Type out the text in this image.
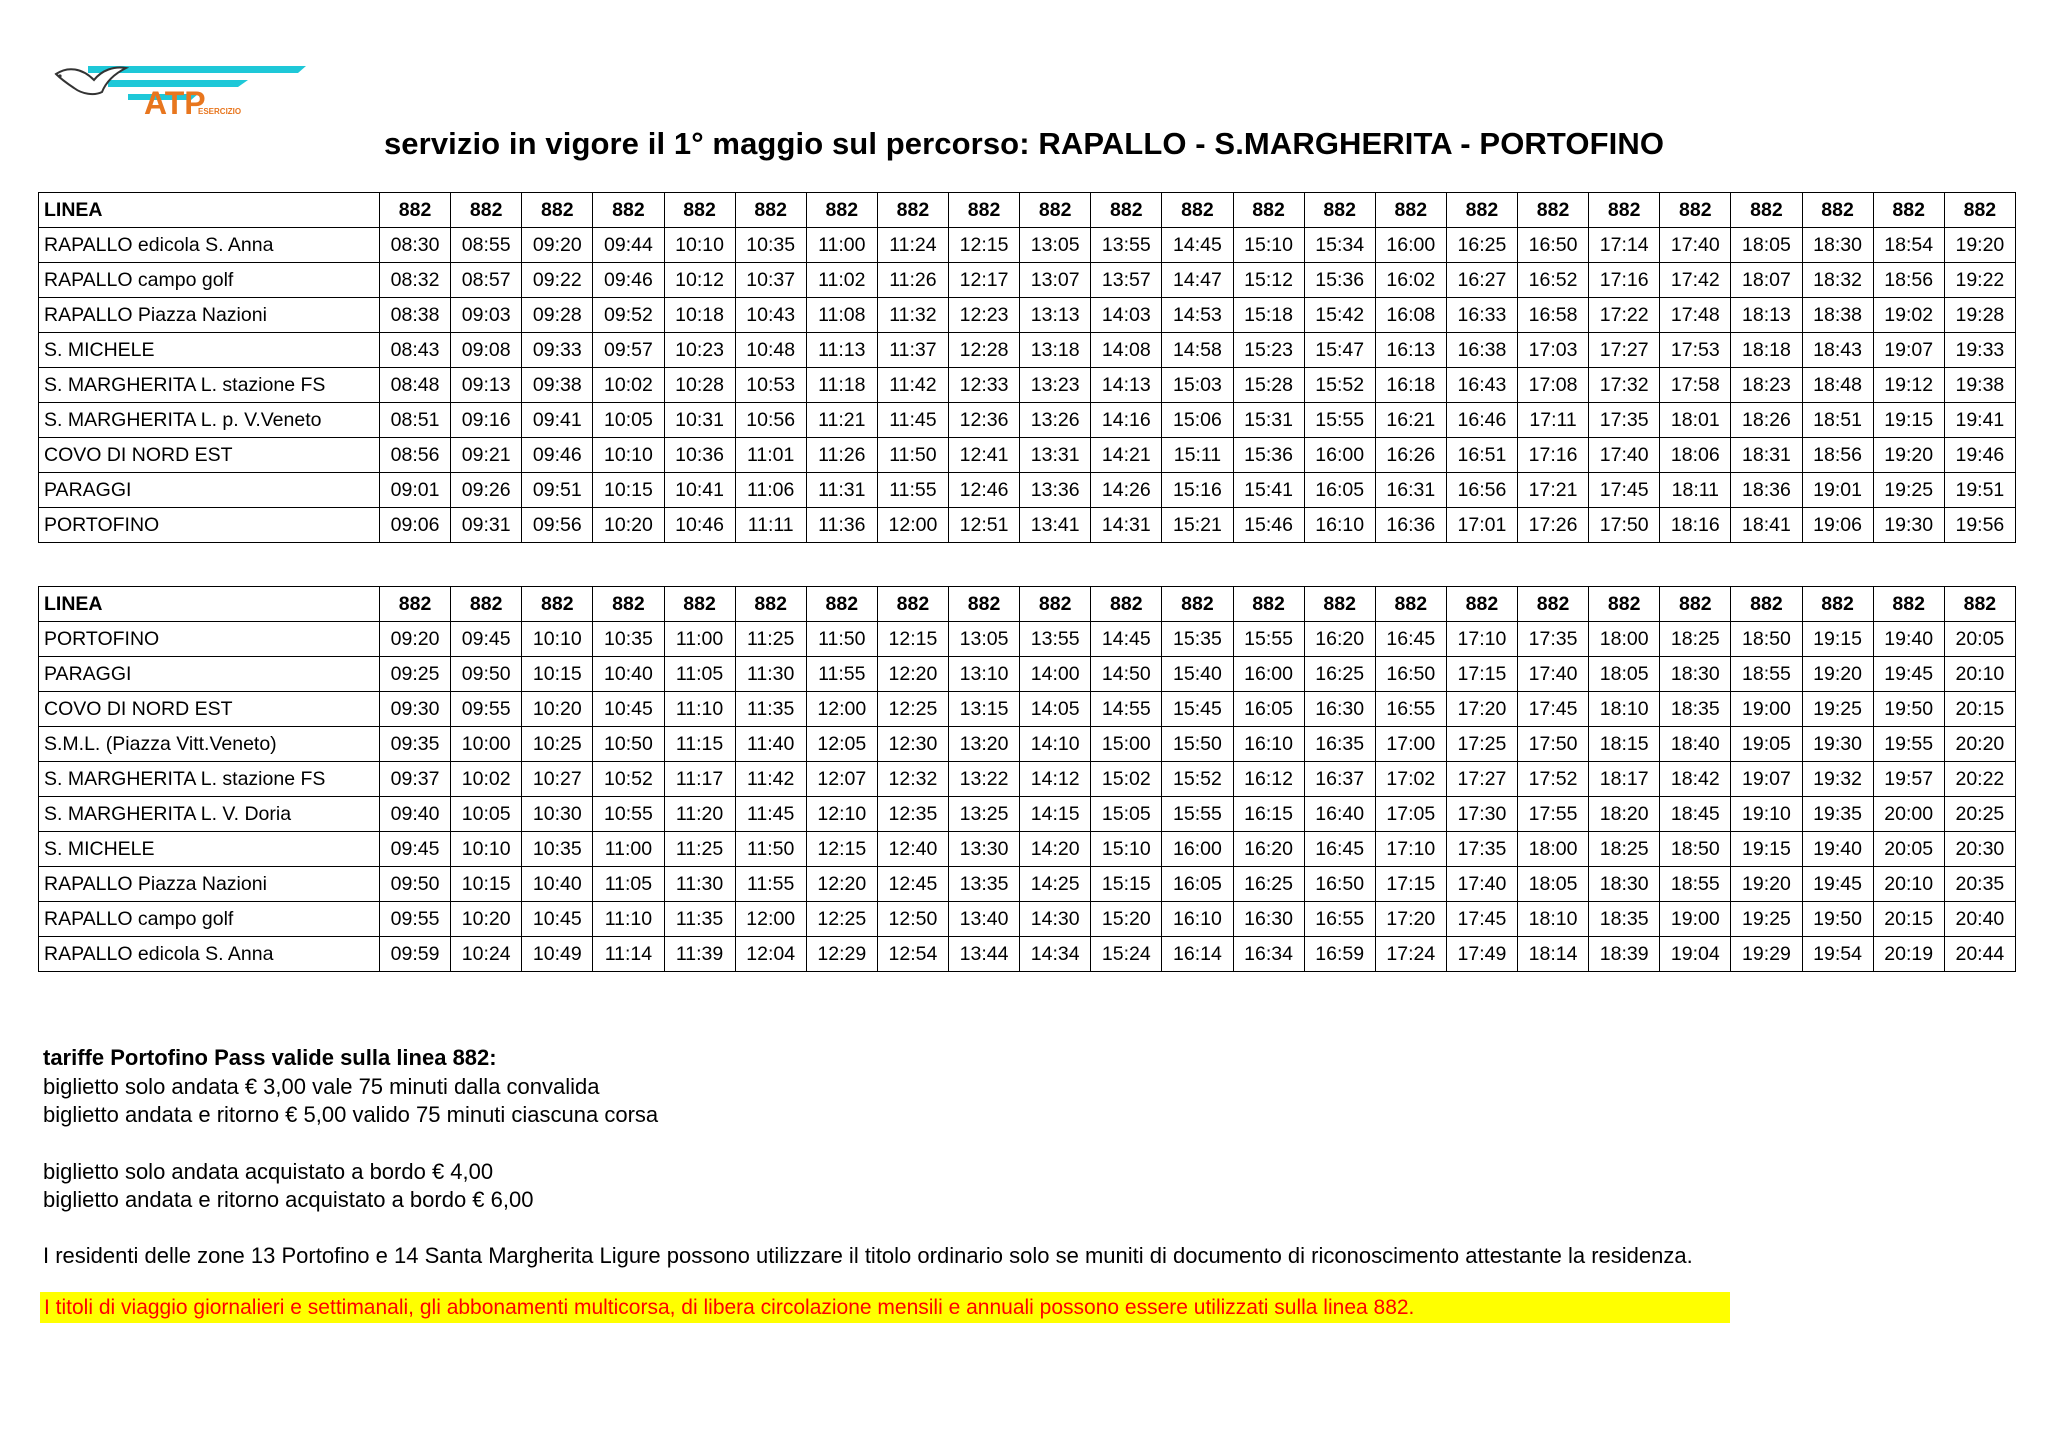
ATP
ESERCIZIO
servizio in vigore il 1° maggio sul percorso: RAPALLO - S.MARGHERITA - PORTOFINO
LINEA	882	882	882	882	882	882	882	882	882	882	882	882	882	882	882	882	882	882	882	882	882	882	882
RAPALLO edicola S. Anna	08:30	08:55	09:20	09:44	10:10	10:35	11:00	11:24	12:15	13:05	13:55	14:45	15:10	15:34	16:00	16:25	16:50	17:14	17:40	18:05	18:30	18:54	19:20
RAPALLO campo golf	08:32	08:57	09:22	09:46	10:12	10:37	11:02	11:26	12:17	13:07	13:57	14:47	15:12	15:36	16:02	16:27	16:52	17:16	17:42	18:07	18:32	18:56	19:22
RAPALLO Piazza Nazioni	08:38	09:03	09:28	09:52	10:18	10:43	11:08	11:32	12:23	13:13	14:03	14:53	15:18	15:42	16:08	16:33	16:58	17:22	17:48	18:13	18:38	19:02	19:28
S. MICHELE	08:43	09:08	09:33	09:57	10:23	10:48	11:13	11:37	12:28	13:18	14:08	14:58	15:23	15:47	16:13	16:38	17:03	17:27	17:53	18:18	18:43	19:07	19:33
S. MARGHERITA L. stazione FS	08:48	09:13	09:38	10:02	10:28	10:53	11:18	11:42	12:33	13:23	14:13	15:03	15:28	15:52	16:18	16:43	17:08	17:32	17:58	18:23	18:48	19:12	19:38
S. MARGHERITA L. p. V.Veneto	08:51	09:16	09:41	10:05	10:31	10:56	11:21	11:45	12:36	13:26	14:16	15:06	15:31	15:55	16:21	16:46	17:11	17:35	18:01	18:26	18:51	19:15	19:41
COVO DI NORD EST	08:56	09:21	09:46	10:10	10:36	11:01	11:26	11:50	12:41	13:31	14:21	15:11	15:36	16:00	16:26	16:51	17:16	17:40	18:06	18:31	18:56	19:20	19:46
PARAGGI	09:01	09:26	09:51	10:15	10:41	11:06	11:31	11:55	12:46	13:36	14:26	15:16	15:41	16:05	16:31	16:56	17:21	17:45	18:11	18:36	19:01	19:25	19:51
PORTOFINO	09:06	09:31	09:56	10:20	10:46	11:11	11:36	12:00	12:51	13:41	14:31	15:21	15:46	16:10	16:36	17:01	17:26	17:50	18:16	18:41	19:06	19:30	19:56
LINEA	882	882	882	882	882	882	882	882	882	882	882	882	882	882	882	882	882	882	882	882	882	882	882
PORTOFINO	09:20	09:45	10:10	10:35	11:00	11:25	11:50	12:15	13:05	13:55	14:45	15:35	15:55	16:20	16:45	17:10	17:35	18:00	18:25	18:50	19:15	19:40	20:05
PARAGGI	09:25	09:50	10:15	10:40	11:05	11:30	11:55	12:20	13:10	14:00	14:50	15:40	16:00	16:25	16:50	17:15	17:40	18:05	18:30	18:55	19:20	19:45	20:10
COVO DI NORD EST	09:30	09:55	10:20	10:45	11:10	11:35	12:00	12:25	13:15	14:05	14:55	15:45	16:05	16:30	16:55	17:20	17:45	18:10	18:35	19:00	19:25	19:50	20:15
S.M.L. (Piazza Vitt.Veneto)	09:35	10:00	10:25	10:50	11:15	11:40	12:05	12:30	13:20	14:10	15:00	15:50	16:10	16:35	17:00	17:25	17:50	18:15	18:40	19:05	19:30	19:55	20:20
S. MARGHERITA L. stazione FS	09:37	10:02	10:27	10:52	11:17	11:42	12:07	12:32	13:22	14:12	15:02	15:52	16:12	16:37	17:02	17:27	17:52	18:17	18:42	19:07	19:32	19:57	20:22
S. MARGHERITA L. V. Doria	09:40	10:05	10:30	10:55	11:20	11:45	12:10	12:35	13:25	14:15	15:05	15:55	16:15	16:40	17:05	17:30	17:55	18:20	18:45	19:10	19:35	20:00	20:25
S. MICHELE	09:45	10:10	10:35	11:00	11:25	11:50	12:15	12:40	13:30	14:20	15:10	16:00	16:20	16:45	17:10	17:35	18:00	18:25	18:50	19:15	19:40	20:05	20:30
RAPALLO Piazza Nazioni	09:50	10:15	10:40	11:05	11:30	11:55	12:20	12:45	13:35	14:25	15:15	16:05	16:25	16:50	17:15	17:40	18:05	18:30	18:55	19:20	19:45	20:10	20:35
RAPALLO campo golf	09:55	10:20	10:45	11:10	11:35	12:00	12:25	12:50	13:40	14:30	15:20	16:10	16:30	16:55	17:20	17:45	18:10	18:35	19:00	19:25	19:50	20:15	20:40
RAPALLO edicola S. Anna	09:59	10:24	10:49	11:14	11:39	12:04	12:29	12:54	13:44	14:34	15:24	16:14	16:34	16:59	17:24	17:49	18:14	18:39	19:04	19:29	19:54	20:19	20:44
tariffe Portofino Pass valide sulla linea 882:
biglietto solo andata € 3,00 vale 75 minuti dalla convalida
biglietto andata e ritorno € 5,00 valido 75 minuti ciascuna corsa
biglietto solo andata acquistato a bordo € 4,00
biglietto andata e ritorno acquistato a bordo € 6,00
I residenti delle zone 13 Portofino e 14 Santa Margherita Ligure possono utilizzare il titolo ordinario solo se muniti di documento di riconoscimento attestante la residenza.
I titoli di viaggio giornalieri e settimanali, gli abbonamenti multicorsa, di libera circolazione mensili e annuali possono essere utilizzati sulla linea 882.
